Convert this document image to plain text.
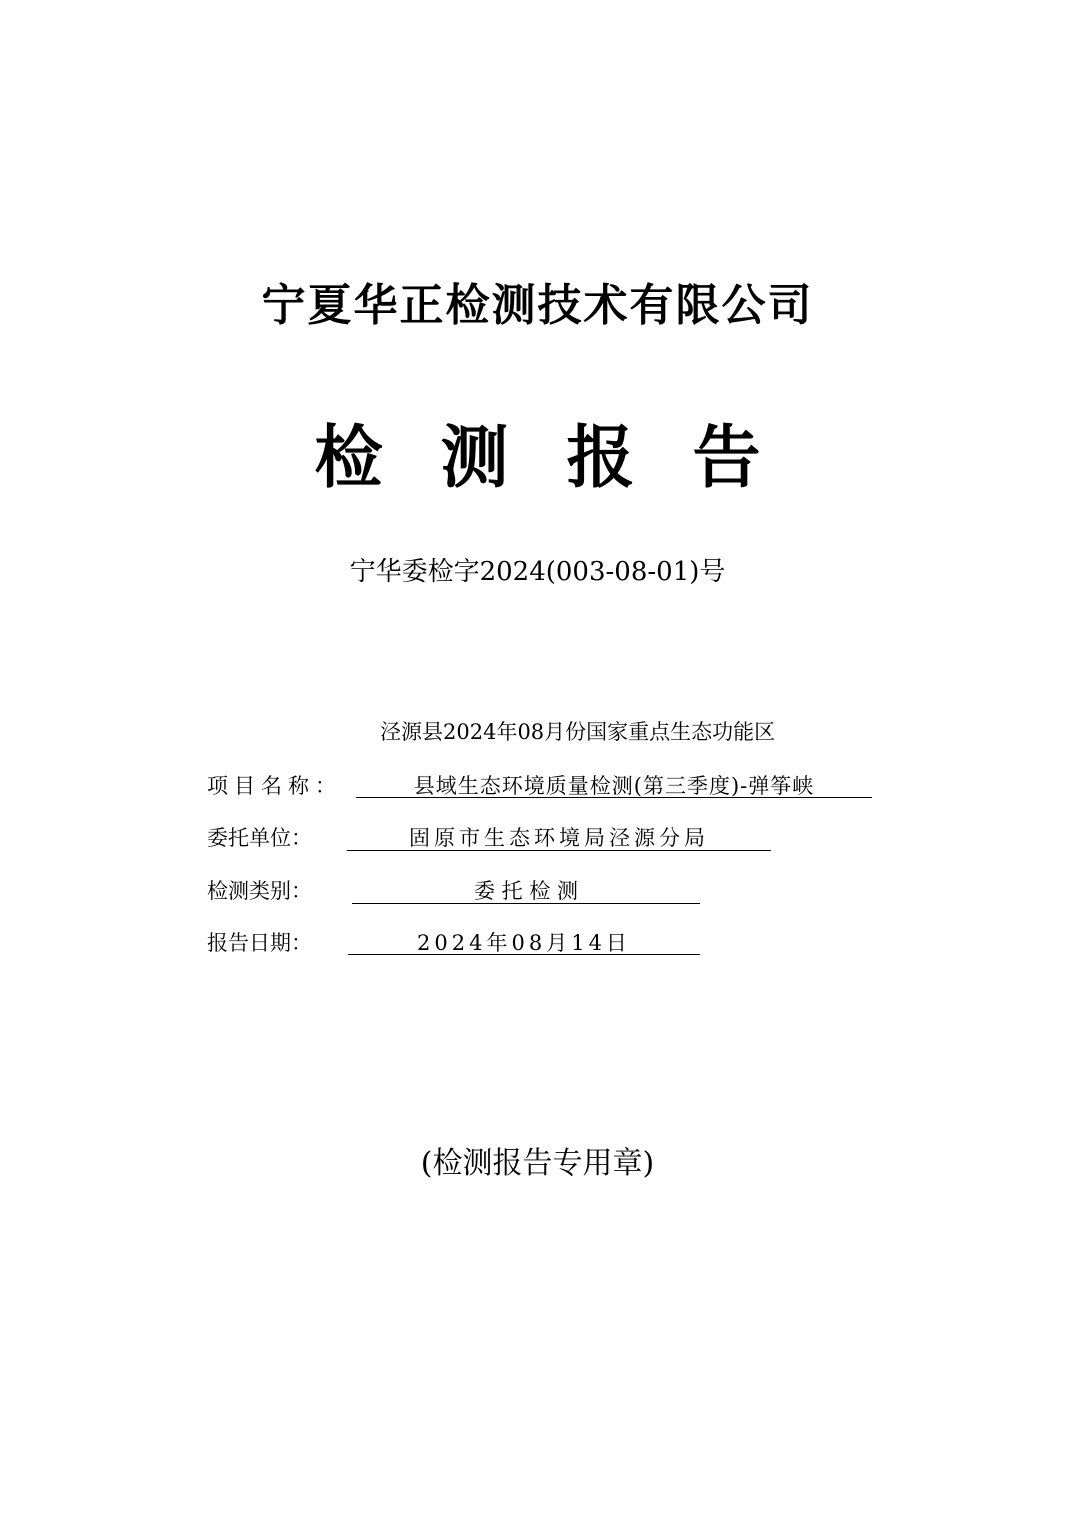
宁夏华正检测技术有限公司
检测报告
宁华委检字2024(003-08-01)号
泾源县2024年08月份国家重点生态功能区
项目名称：	县域生态环境质量检测(第三季度)-弹筝峡
委托单位：	固原市生态环境局泾源分局
检测类别：	委 托 检 测
报告日期：	2024年08月14日
(检测报告专用章)
